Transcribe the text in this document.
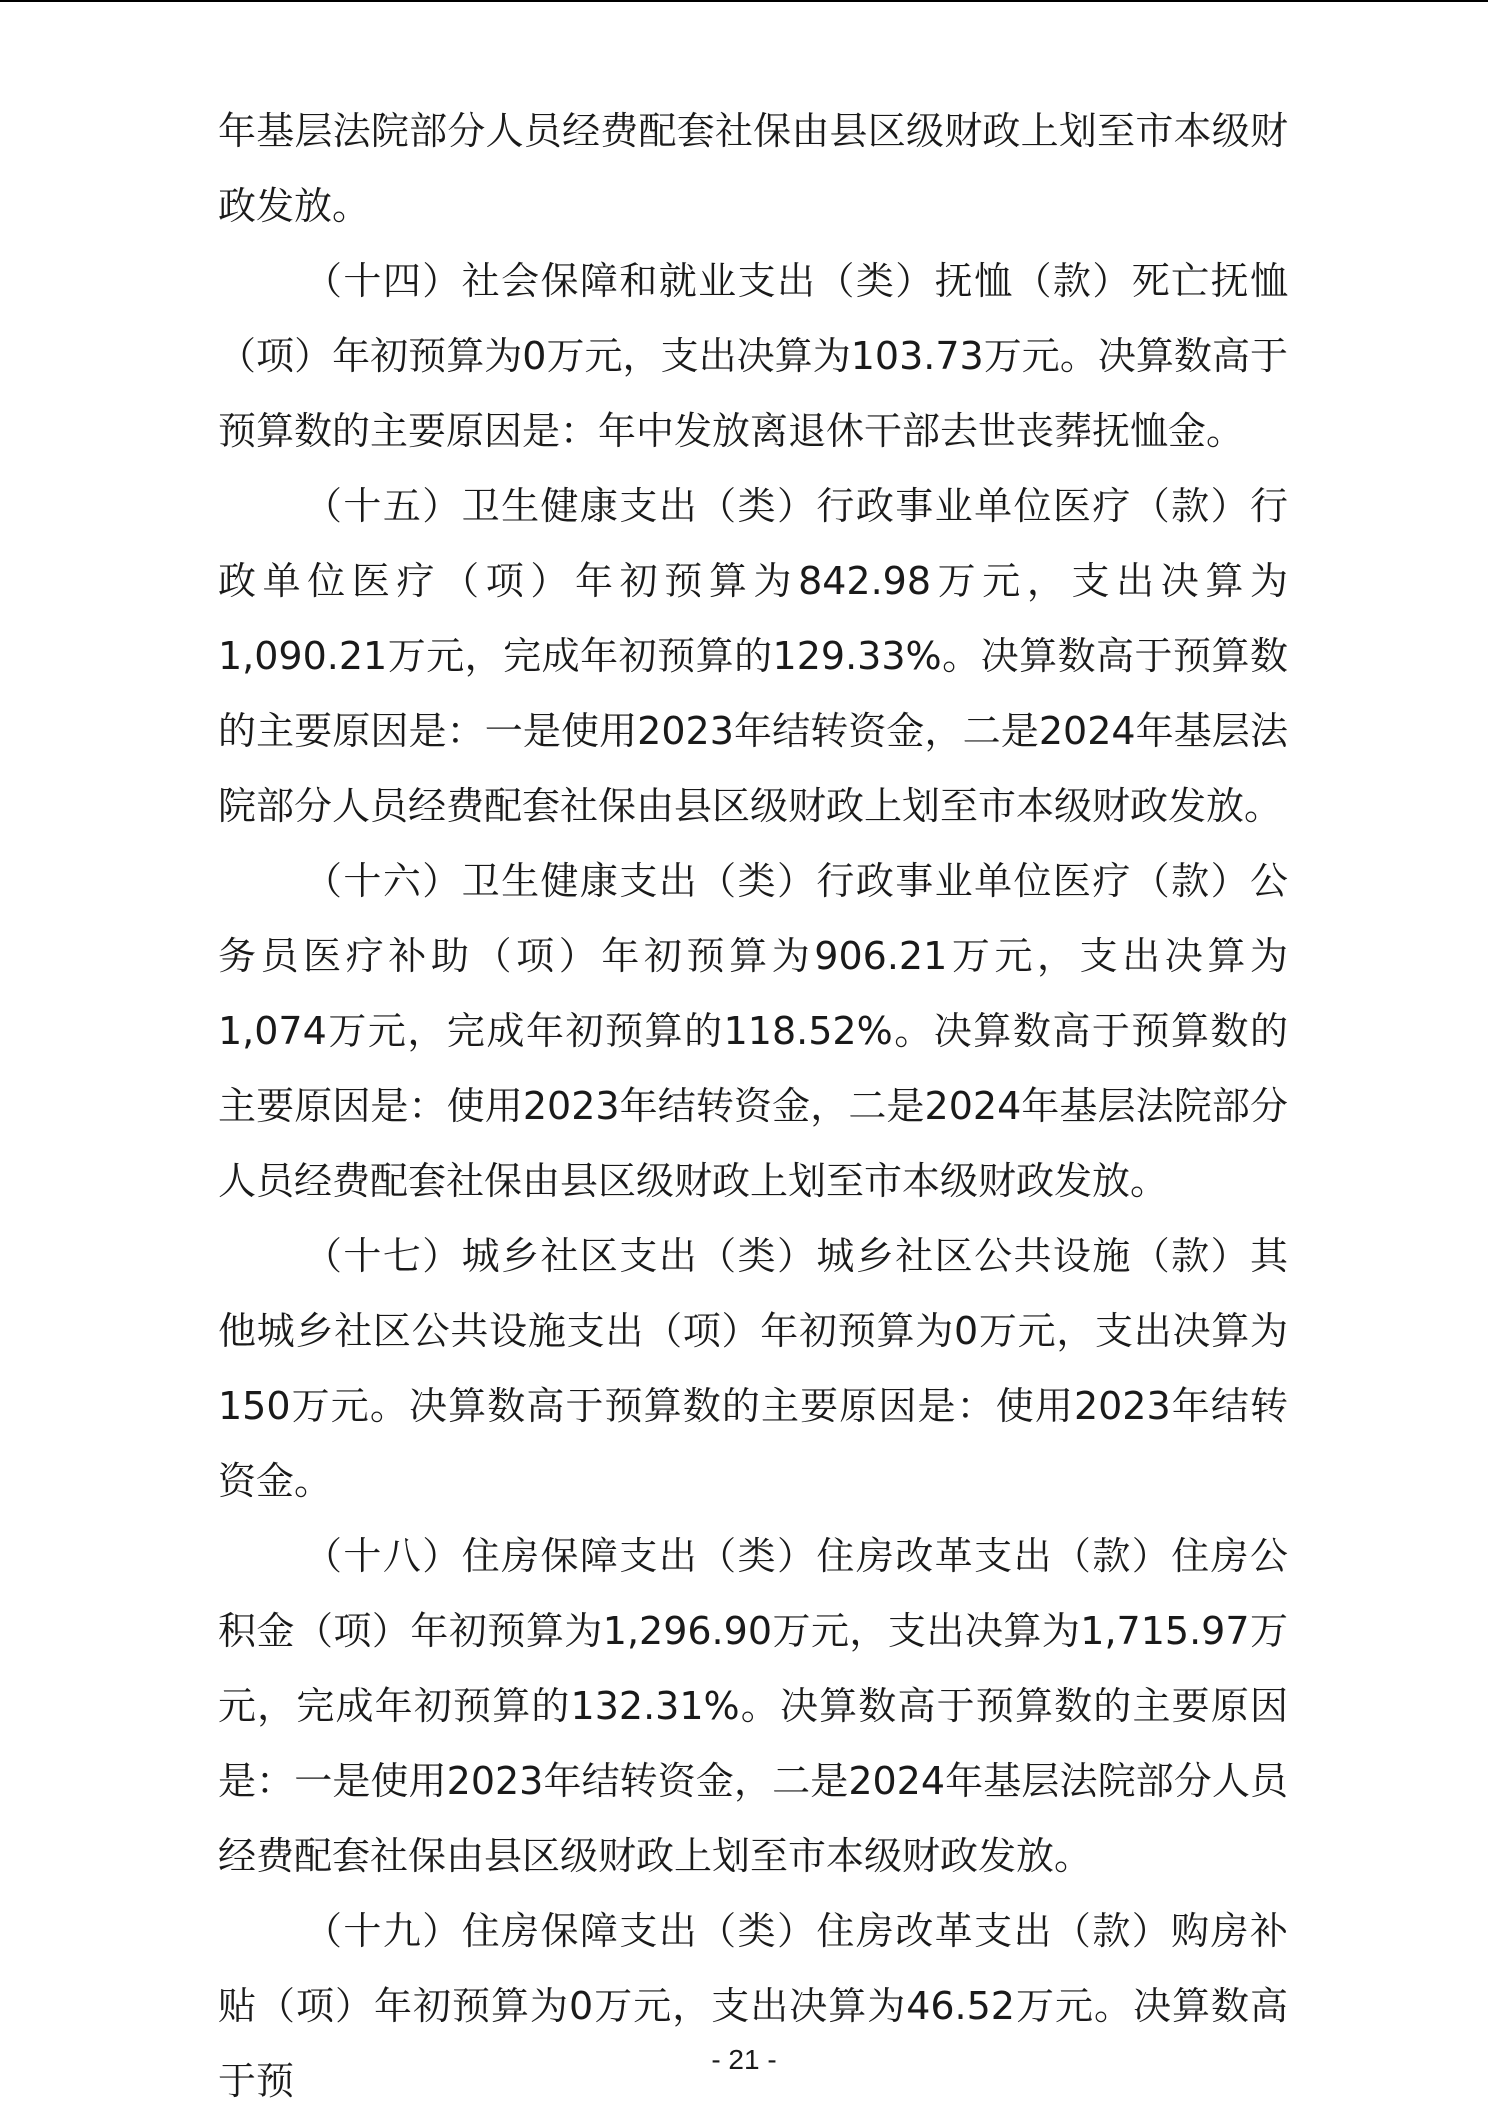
年基层法院部分人员经费配套社保由县区级财政上划至市本级财政发放。

（十四）社会保障和就业支出（类）抚恤（款）死亡抚恤（项）年初预算为0万元，支出决算为103.73万元。决算数高于预算数的主要原因是：年中发放离退休干部去世丧葬抚恤金。

（十五）卫生健康支出（类）行政事业单位医疗（款）行政单位医疗（项）年初预算为842.98万元，支出决算为1,090.21万元，完成年初预算的129.33%。决算数高于预算数的主要原因是：一是使用2023年结转资金，二是2024年基层法院部分人员经费配套社保由县区级财政上划至市本级财政发放。

（十六）卫生健康支出（类）行政事业单位医疗（款）公务员医疗补助（项）年初预算为906.21万元，支出决算为1,074万元，完成年初预算的118.52%。决算数高于预算数的主要原因是：使用2023年结转资金，二是2024年基层法院部分人员经费配套社保由县区级财政上划至市本级财政发放。

（十七）城乡社区支出（类）城乡社区公共设施（款）其他城乡社区公共设施支出（项）年初预算为0万元，支出决算为150万元。决算数高于预算数的主要原因是：使用2023年结转资金。

（十八）住房保障支出（类）住房改革支出（款）住房公积金（项）年初预算为1,296.90万元，支出决算为1,715.97万元，完成年初预算的132.31%。决算数高于预算数的主要原因是：一是使用2023年结转资金，二是2024年基层法院部分人员经费配套社保由县区级财政上划至市本级财政发放。

（十九）住房保障支出（类）住房改革支出（款）购房补贴（项）年初预算为0万元，支出决算为46.52万元。决算数高于预	- 21 -
